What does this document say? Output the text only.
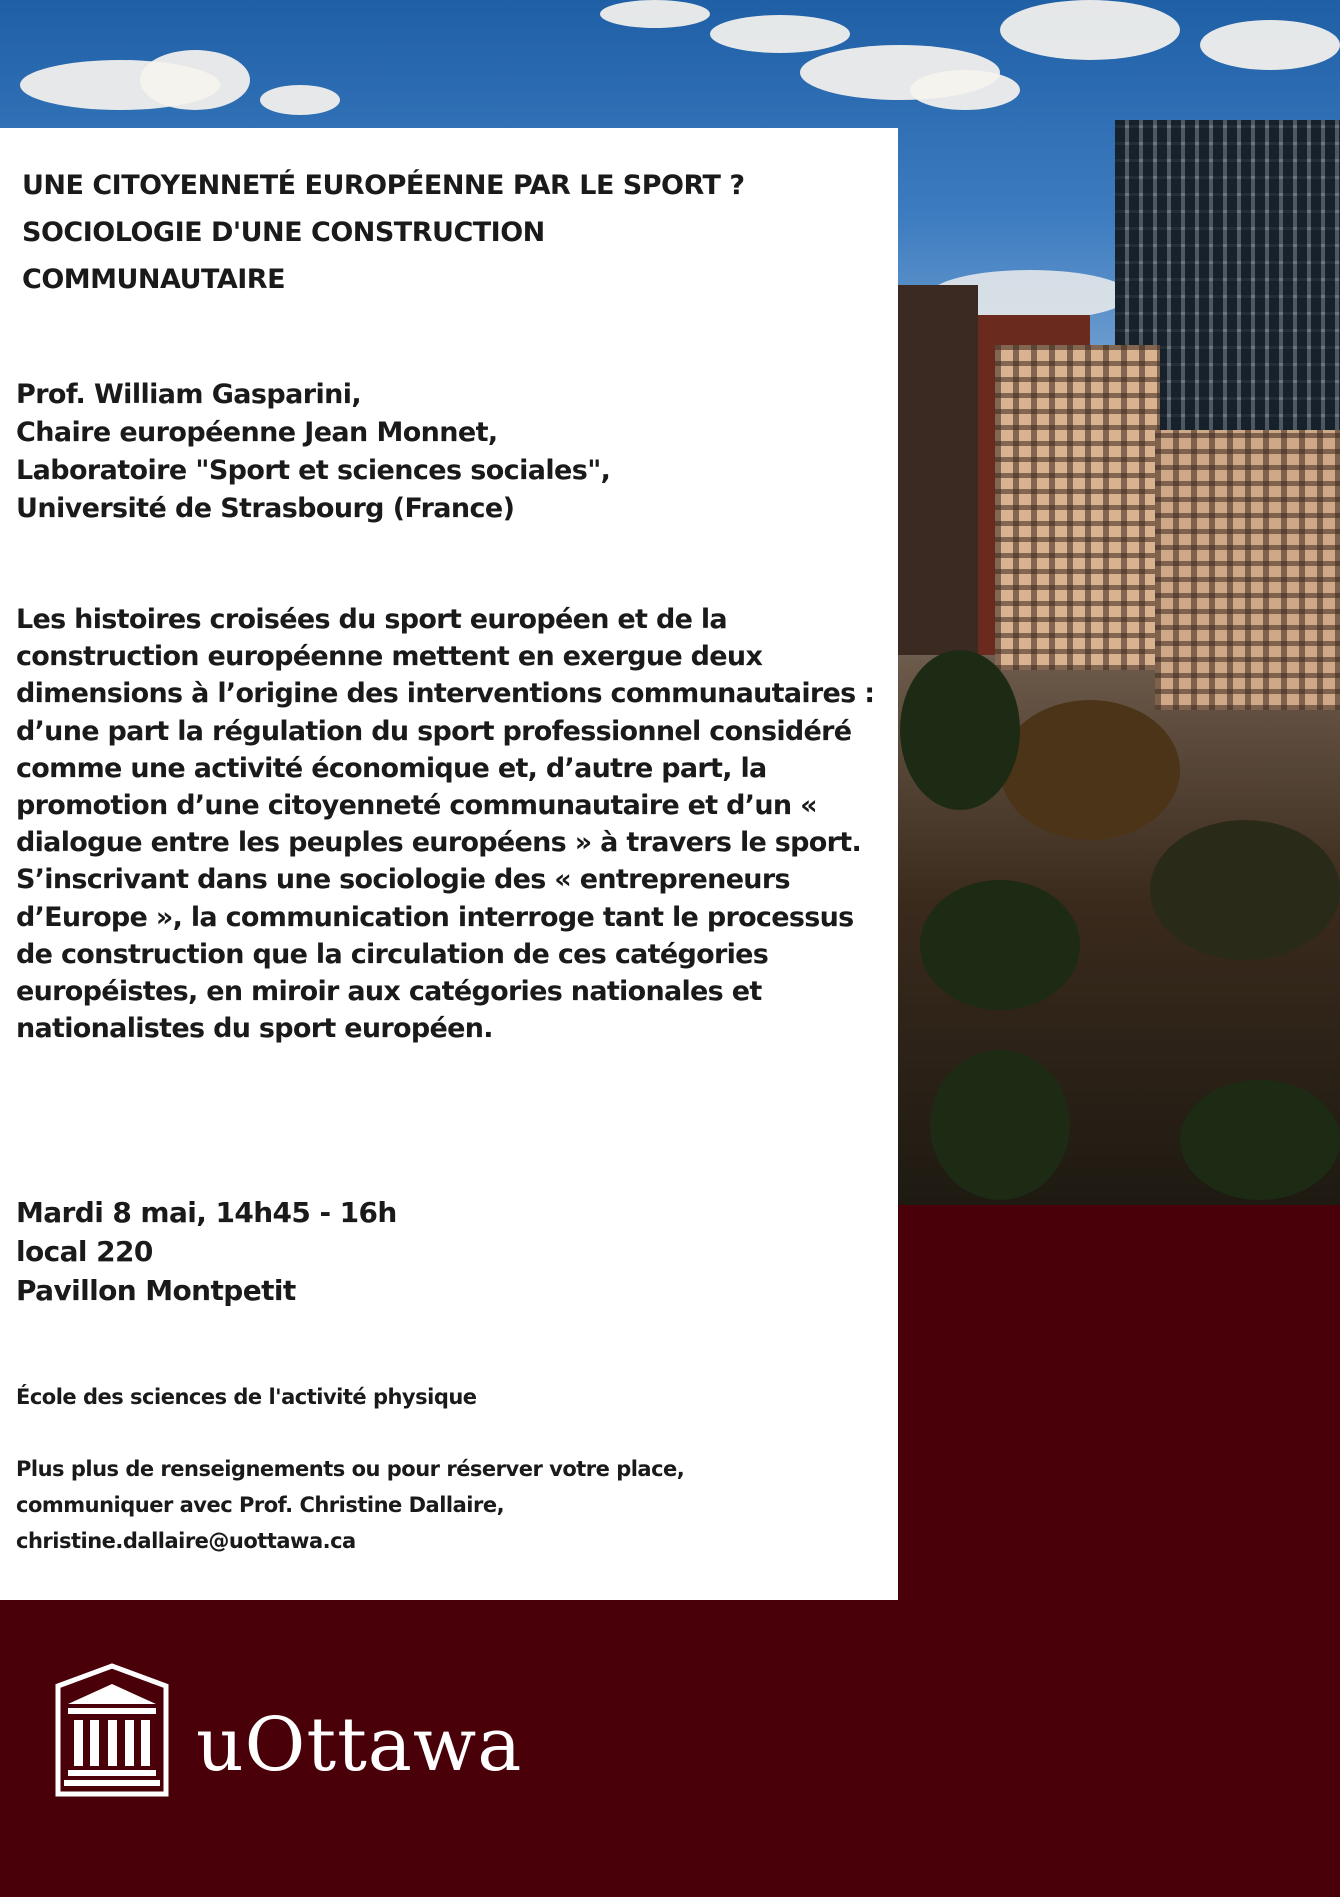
UNE CITOYENNETÉ EUROPÉENNE PAR LE SPORT ?
SOCIOLOGIE D'UNE CONSTRUCTION
COMMUNAUTAIRE
Prof. William Gasparini,
Chaire européenne Jean Monnet,
Laboratoire "Sport et sciences sociales",
Université de Strasbourg (France)

Les histoires croisées du sport européen et de la construction européenne mettent en exergue deux dimensions à l’origine des interventions communautaires : d’une part la régulation du sport professionnel considéré comme une activité économique et, d’autre part, la promotion d’une citoyenneté communautaire et d’un « dialogue entre les peuples européens » à travers le sport. S’inscrivant dans une sociologie des « entrepreneurs d’Europe », la communication interroge tant le processus de construction que la circulation de ces catégories européistes, en miroir aux catégories nationales et nationalistes du sport européen.

Mardi 8 mai, 14h45 - 16h
local 220
Pavillon Montpetit
École des sciences de l'activité physique
Plus plus de renseignements ou pour réserver votre place,
communiquer avec Prof. Christine Dallaire,
christine.dallaire@uottawa.ca
uOttawa
